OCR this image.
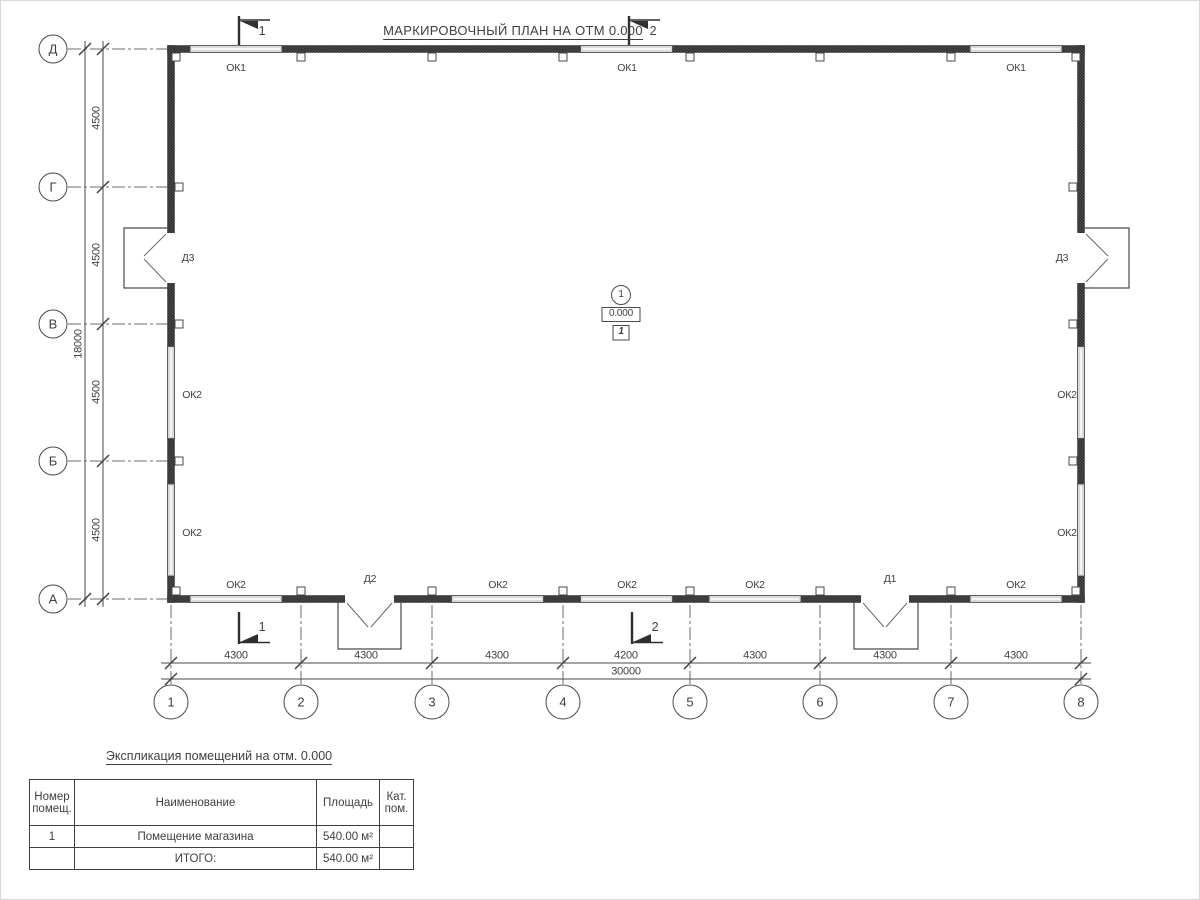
МАРКИРОВОЧНЫЙ ПЛАН НА ОТМ 0.000
1	2
1	2
ОК1	ОК1	ОК1
ОК2	ОК2	ОК2	ОК2	ОК2
ОК2
ОК2
ОК2
ОК2
Д3	Д3
Д2	Д1
1
0.000
1
4300	4300	4300	4200	4300	4300	4300
30000
4500
4500
4500
4500
18000
1	2	3	4	5	6	7	8
Д
Г
В
Б
А
Экспликация помещений на отм. 0.000
Номер помещ.	Наименование	Площадь	Кат. пом.
1	Помещение магазина	540.00 м²	
	ИТОГО:	540.00 м²	
